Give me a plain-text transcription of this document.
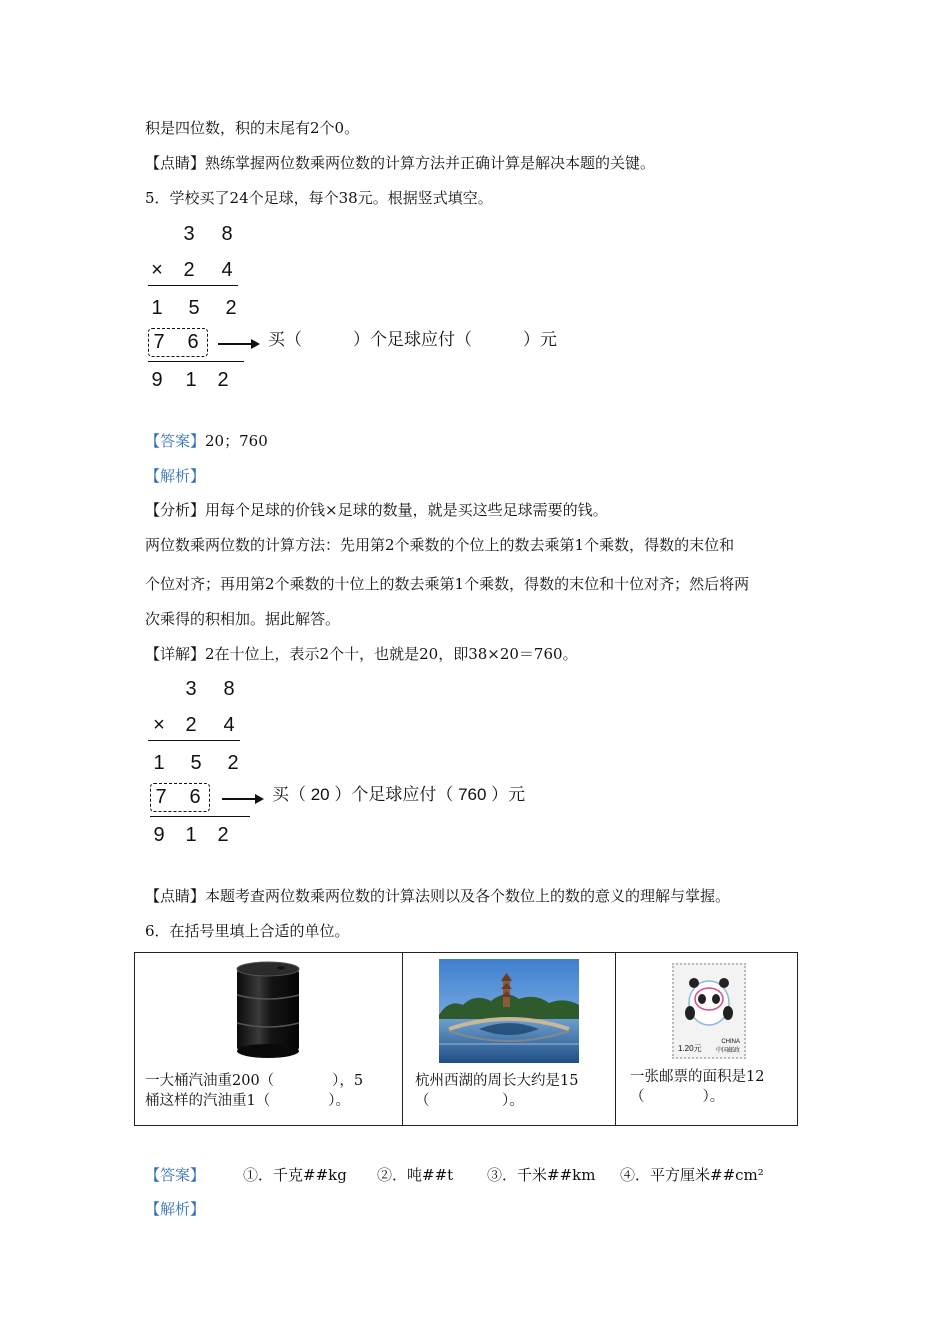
积是四位数，积的末尾有2个0。
【点睛】熟练掌握两位数乘两位数的计算方法并正确计算是解决本题的关键。
5．学校买了24个足球，每个38元。根据竖式填空。
3 8
× 2 4
1 5 2
7 6	买（　　　）个足球应付（　　　）元
9 1 2
【答案】20；760
【解析】
【分析】用每个足球的价钱×足球的数量，就是买这些足球需要的钱。
两位数乘两位数的计算方法：先用第2个乘数的个位上的数去乘第1个乘数，得数的末位和
个位对齐；再用第2个乘数的十位上的数去乘第1个乘数，得数的末位和十位对齐；然后将两
次乘得的积相加。据此解答。
【详解】2在十位上，表示2个十，也就是20，即38×20＝760。
3 8
× 2 4
1 5 2
7 6	买（ 20 ）个足球应付（ 760 ）元
9 1 2
【点睛】本题考查两位数乘两位数的计算法则以及各个数位上的数的意义的理解与掌握。
6．在括号里填上合适的单位。
一大桶汽油重200（　　　　），5
桶这样的汽油重1（　　　　）。

杭州西湖的周长大约是15
（　　　　　）。

1.20元
CHINA
中国邮政
一张邮票的面积是12
（　　　　）。
【答案】	①．千克##kg ②．吨##t ③．千米##km ④．平方厘米##cm²
【解析】
